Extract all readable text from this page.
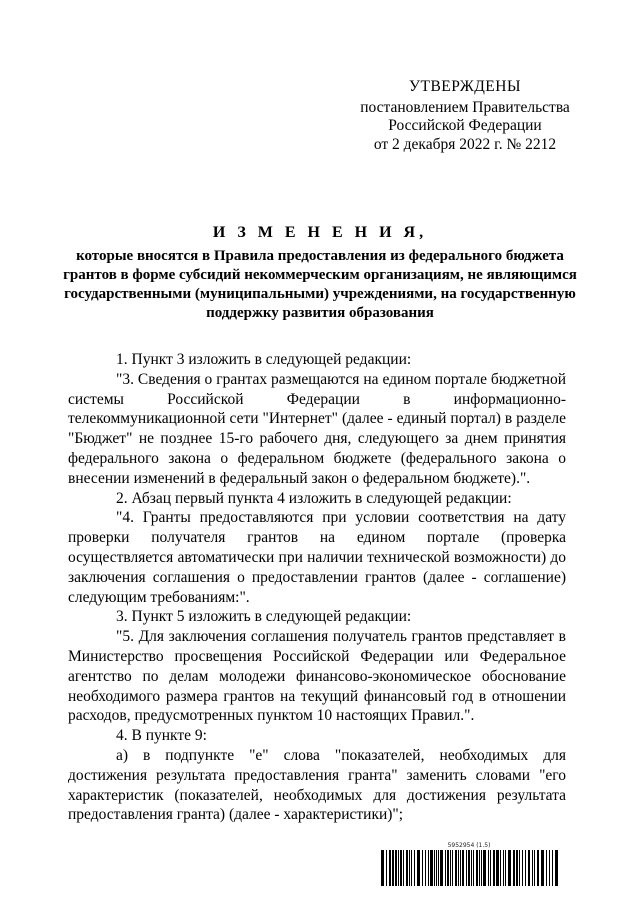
УТВЕРЖДЕНЫ
постановлением Правительства
Российской Федерации
от 2 декабря 2022 г. № 2212
И З М Е Н Е Н И Я,
которые вносятся в Правила предоставления из федерального бюджета грантов в форме субсидий некоммерческим организациям, не являющимся государственными (муниципальными) учреждениями, на государственную поддержку развития образования

1. Пункт 3 изложить в следующей редакции:

"3. Сведения о грантах размещаются на едином портале бюджетной системы Российской Федерации в информационно-телекоммуникационной сети "Интернет" (далее - единый портал) в разделе "Бюджет" не позднее 15-го рабочего дня, следующего за днем принятия федерального закона о федеральном бюджете (федерального закона о внесении изменений в федеральный закон о федеральном бюджете).".

2. Абзац первый пункта 4 изложить в следующей редакции:

"4. Гранты предоставляются при условии соответствия на дату проверки получателя грантов на едином портале (проверка осуществляется автоматически при наличии технической возможности) до заключения соглашения о предоставлении грантов (далее - соглашение) следующим требованиям:".

3. Пункт 5 изложить в следующей редакции:

"5. Для заключения соглашения получатель грантов представляет в Министерство просвещения Российской Федерации или Федеральное агентство по делам молодежи финансово-экономическое обоснование необходимого размера грантов на текущий финансовый год в отношении расходов, предусмотренных пунктом 10 настоящих Правил.".

4. В пункте 9:

а) в подпункте "е" слова "показателей, необходимых для достижения результата предоставления гранта" заменить словами "его характеристик (показателей, необходимых для достижения результата предоставления гранта) (далее - характеристики)";

5952954 (1.5)
